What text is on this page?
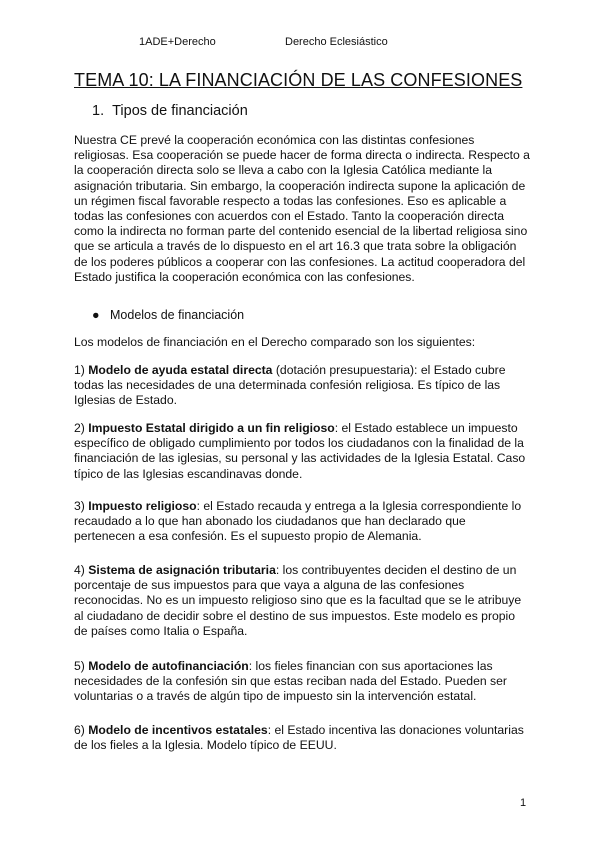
1ADE+Derecho	Derecho Eclesiástico
TEMA 10: LA FINANCIACIÓN DE LAS CONFESIONES
1. Tipos de financiación

Nuestra CE prevé la cooperación económica con las distintas confesiones religiosas. Esa cooperación se puede hacer de forma directa o indirecta. Respecto a la cooperación directa solo se lleva a cabo con la Iglesia Católica mediante la asignación tributaria. Sin embargo, la cooperación indirecta supone la aplicación de un régimen fiscal favorable respecto a todas las confesiones. Eso es aplicable a todas las confesiones con acuerdos con el Estado. Tanto la cooperación directa como la indirecta no forman parte del contenido esencial de la libertad religiosa sino que se articula a través de lo dispuesto en el art 16.3 que trata sobre la obligación de los poderes públicos a cooperar con las confesiones. La actitud cooperadora del Estado justifica la cooperación económica con las confesiones.

● Modelos de financiación

Los modelos de financiación en el Derecho comparado son los siguientes:

1) Modelo de ayuda estatal directa (dotación presupuestaria): el Estado cubre todas las necesidades de una determinada confesión religiosa. Es típico de las Iglesias de Estado.

2) Impuesto Estatal dirigido a un fin religioso: el Estado establece un impuesto específico de obligado cumplimiento por todos los ciudadanos con la finalidad de la financiación de las iglesias, su personal y las actividades de la Iglesia Estatal. Caso típico de las Iglesias escandinavas donde.

3) Impuesto religioso: el Estado recauda y entrega a la Iglesia correspondiente lo recaudado a lo que han abonado los ciudadanos que han declarado que pertenecen a esa confesión. Es el supuesto propio de Alemania.

4) Sistema de asignación tributaria: los contribuyentes deciden el destino de un porcentaje de sus impuestos para que vaya a alguna de las confesiones reconocidas. No es un impuesto religioso sino que es la facultad que se le atribuye al ciudadano de decidir sobre el destino de sus impuestos. Este modelo es propio de países como Italia o España.

5) Modelo de autofinanciación: los fieles financian con sus aportaciones las necesidades de la confesión sin que estas reciban nada del Estado. Pueden ser voluntarias o a través de algún tipo de impuesto sin la intervención estatal.

6) Modelo de incentivos estatales: el Estado incentiva las donaciones voluntarias de los fieles a la Iglesia. Modelo típico de EEUU.

1
